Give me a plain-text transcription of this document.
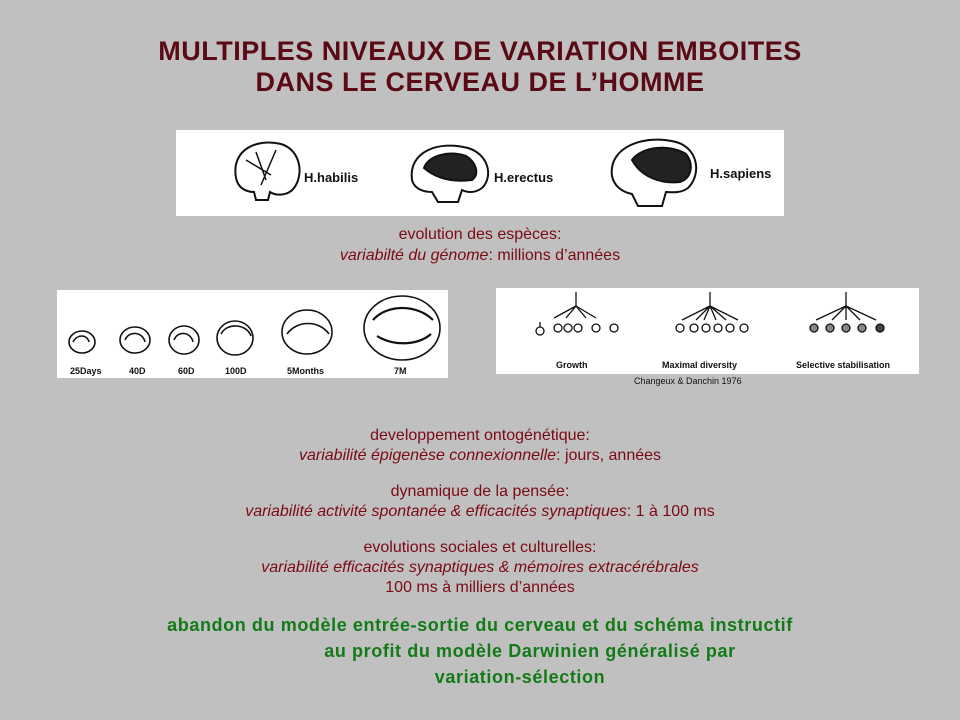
MULTIPLES NIVEAUX DE VARIATION EMBOITES
DANS LE CERVEAU DE L’HOMME
H.habilis	H.erectus	H.sapiens
evolution des espèces:
variabilté du génome: millions d’années
25Days	40D	60D	100D	5Months	7M
Growth	Maximal diversity	Selective stabilisation
Changeux & Danchin 1976
developpement ontogénétique:
variabilité épigenèse connexionnelle: jours, années
dynamique de la pensée:
variabilité activité spontanée & efficacités synaptiques: 1 à 100 ms
evolutions sociales et culturelles:
variabilité efficacités synaptiques & mémoires extracérébrales
100 ms à milliers d’années
abandon du modèle entrée-sortie du cerveau et du schéma instructif
au profit du modèle Darwinien généralisé par
variation-sélection
